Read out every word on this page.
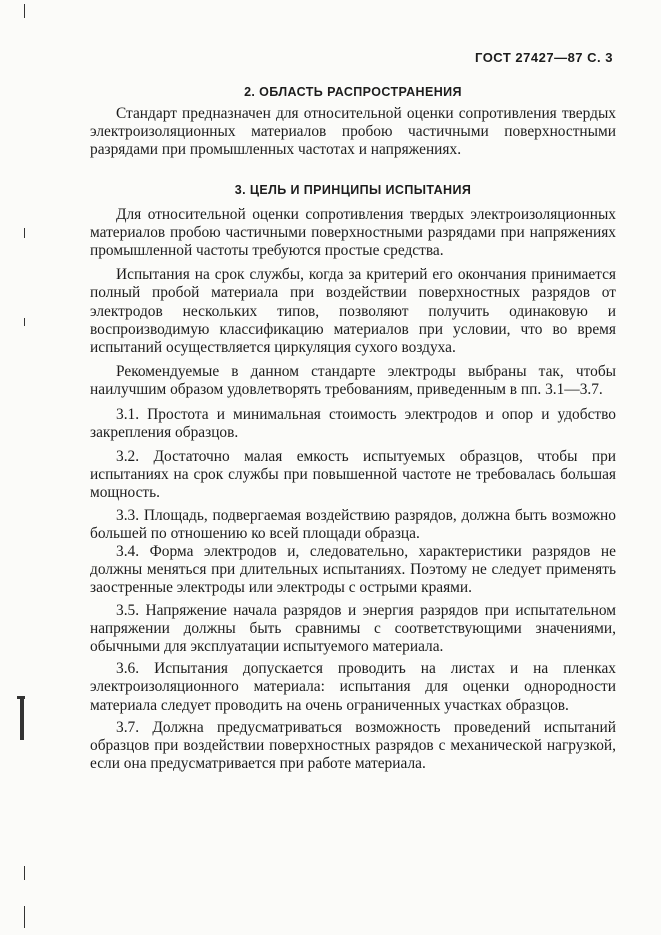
ГОСТ 27427—87 С. 3
2. ОБЛАСТЬ РАСПРОСТРАНЕНИЯ

Стандарт предназначен для относительной оценки сопротивления твердых электроизоляционных материалов пробою частичными поверхностными разрядами при промышленных частотах и напряжениях.

3. ЦЕЛЬ И ПРИНЦИПЫ ИСПЫТАНИЯ

Для относительной оценки сопротивления твердых электроизоляционных материалов пробою частичными поверхностными разрядами при напряжениях промышленной частоты требуются простые средства.

Испытания на срок службы, когда за критерий его окончания принимается полный пробой материала при воздействии поверхностных разрядов от электродов нескольких типов, позволяют получить одинаковую и воспроизводимую классификацию материалов при условии, что во время испытаний осуществляется циркуляция сухого воздуха.

Рекомендуемые в данном стандарте электроды выбраны так, чтобы наилучшим образом удовлетворять требованиям, приведенным в пп. 3.1—3.7.

3.1. Простота и минимальная стоимость электродов и опор и удобство закрепления образцов.

3.2. Достаточно малая емкость испытуемых образцов, чтобы при испытаниях на срок службы при повышенной частоте не требовалась большая мощность.

3.3. Площадь, подвергаемая воздействию разрядов, должна быть возможно большей по отношению ко всей площади образца.

3.4. Форма электродов и, следовательно, характеристики разрядов не должны меняться при длительных испытаниях. Поэтому не следует применять заостренные электроды или электроды с острыми краями.

3.5. Напряжение начала разрядов и энергия разрядов при испытательном напряжении должны быть сравнимы с соответствующими значениями, обычными для эксплуатации испытуемого материала.

3.6. Испытания допускается проводить на листах и на пленках электроизоляционного материала: испытания для оценки однородности материала следует проводить на очень ограниченных участках образцов.

3.7. Должна предусматриваться возможность проведений испытаний образцов при воздействии поверхностных разрядов с механической нагрузкой, если она предусматривается при работе материала.
